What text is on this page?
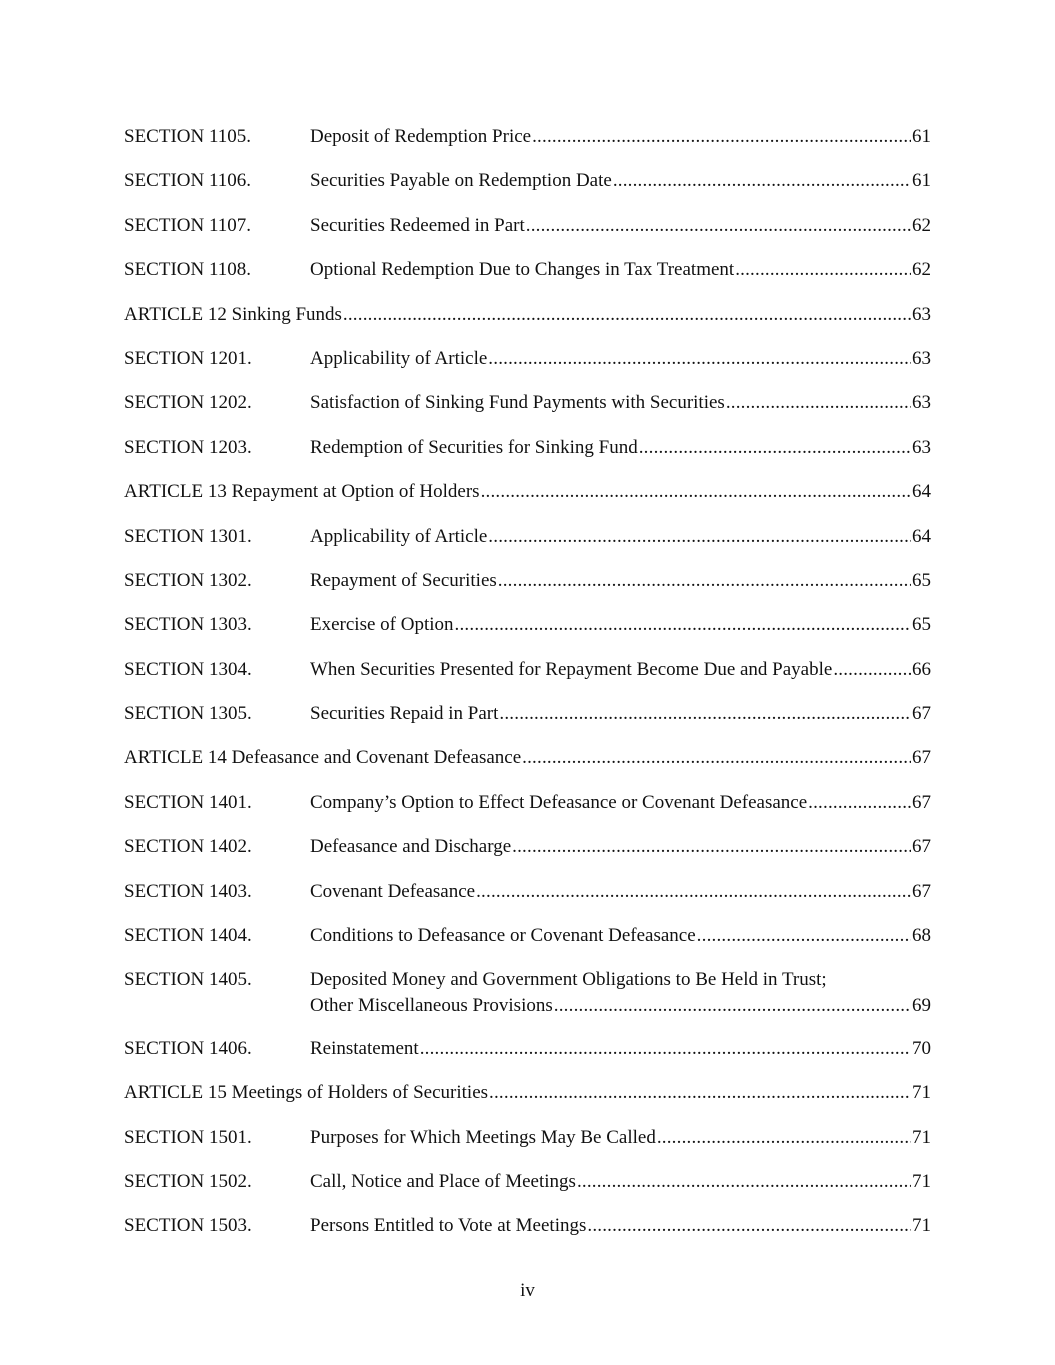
SECTION 1105.	Deposit of Redemption Price .....	61
SECTION 1106.	Securities Payable on Redemption Date .....	61
SECTION 1107.	Securities Redeemed in Part .....	62
SECTION 1108.	Optional Redemption Due to Changes in Tax Treatment .....	62
ARTICLE 12 Sinking Funds .....	63
SECTION 1201.	Applicability of Article .....	63
SECTION 1202.	Satisfaction of Sinking Fund Payments with Securities .....	63
SECTION 1203.	Redemption of Securities for Sinking Fund .....	63
ARTICLE 13 Repayment at Option of Holders .....	64
SECTION 1301.	Applicability of Article .....	64
SECTION 1302.	Repayment of Securities .....	65
SECTION 1303.	Exercise of Option .....	65
SECTION 1304.	When Securities Presented for Repayment Become Due and Payable .....	66
SECTION 1305.	Securities Repaid in Part .....	67
ARTICLE 14 Defeasance and Covenant Defeasance .....	67
SECTION 1401.	Company’s Option to Effect Defeasance or Covenant Defeasance .....	67
SECTION 1402.	Defeasance and Discharge .....	67
SECTION 1403.	Covenant Defeasance .....	67
SECTION 1404.	Conditions to Defeasance or Covenant Defeasance .....	68
SECTION 1405.	Deposited Money and Government Obligations to Be Held in Trust;
Other Miscellaneous Provisions .....	69
SECTION 1406.	Reinstatement .....	70
ARTICLE 15 Meetings of Holders of Securities .....	71
SECTION 1501.	Purposes for Which Meetings May Be Called .....	71
SECTION 1502.	Call, Notice and Place of Meetings .....	71
SECTION 1503.	Persons Entitled to Vote at Meetings .....	71
iv
